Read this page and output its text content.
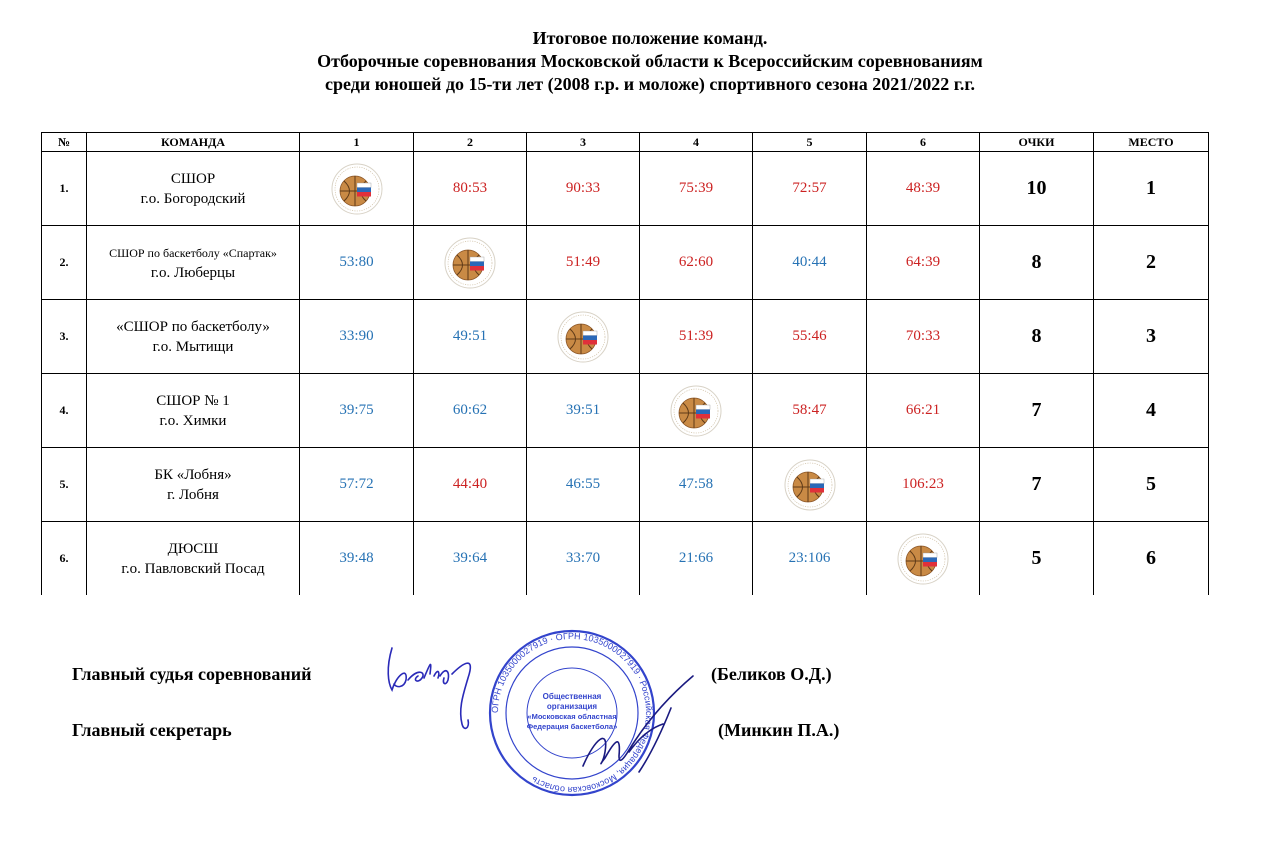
Итоговое положение команд.
Отборочные соревнования Московской области к Всероссийским соревнованиям
среди юношей до 15-ти лет (2008 г.р. и моложе) спортивного сезона 2021/2022 г.г.
№	КОМАНДА	1	2	3	4	5	6	ОЧКИ	МЕСТО
1.	СШОР
г.о. Богородский		80:53	90:33	75:39	72:57	48:39	10	1
2.	СШОР по баскетболу «Спартак»
г.о. Люберцы	53:80		51:49	62:60	40:44	64:39	8	2
3.	«СШОР по баскетболу»
г.о. Мытищи	33:90	49:51		51:39	55:46	70:33	8	3
4.	СШОР № 1
г.о. Химки	39:75	60:62	39:51		58:47	66:21	7	4
5.	БК «Лобня»
г. Лобня	57:72	44:40	46:55	47:58		106:23	7	5
6.	ДЮСШ
г.о. Павловский Посад	39:48	39:64	33:70	21:66	23:106		5	6
Главный судья соревнований	(Беликов О.Д.)
Главный секретарь	(Минкин П.А.)
ОГРН 1035000027919 · ОГРН 1035000027919 · Российская Федерация, Московская область
Общественная
организация
«Московская областная
Федерация баскетбола»
